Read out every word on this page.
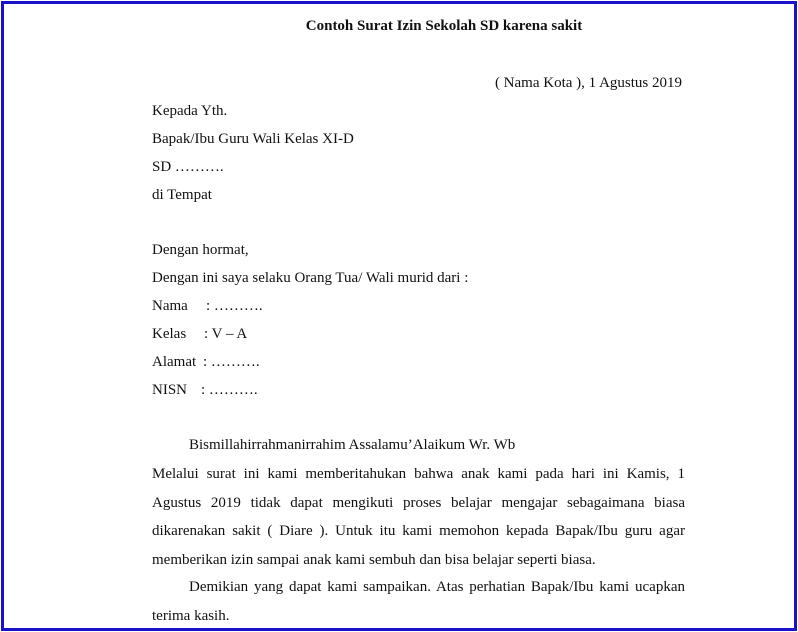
Contoh Surat Izin Sekolah SD karena sakit
( Nama Kota ), 1 Agustus 2019
Kepada Yth.
Bapak/Ibu Guru Wali Kelas XI-D
SD ……….
di Tempat
Dengan hormat,
Dengan ini saya selaku Orang Tua/ Wali murid dari :
Nama : ……….
Kelas : V – A
Alamat : ……….
NISN : ……….
Bismillahirrahmanirrahim Assalamu’Alaikum Wr. Wb
Melalui surat ini kami memberitahukan bahwa anak kami pada hari ini Kamis, 1 Agustus 2019 tidak dapat mengikuti proses belajar mengajar sebagaimana biasa dikarenakan sakit ( Diare ). Untuk itu kami memohon kepada Bapak/Ibu guru agar memberikan izin sampai anak kami sembuh dan bisa belajar seperti biasa.
Demikian yang dapat kami sampaikan. Atas perhatian Bapak/Ibu kami ucapkan terima kasih.
